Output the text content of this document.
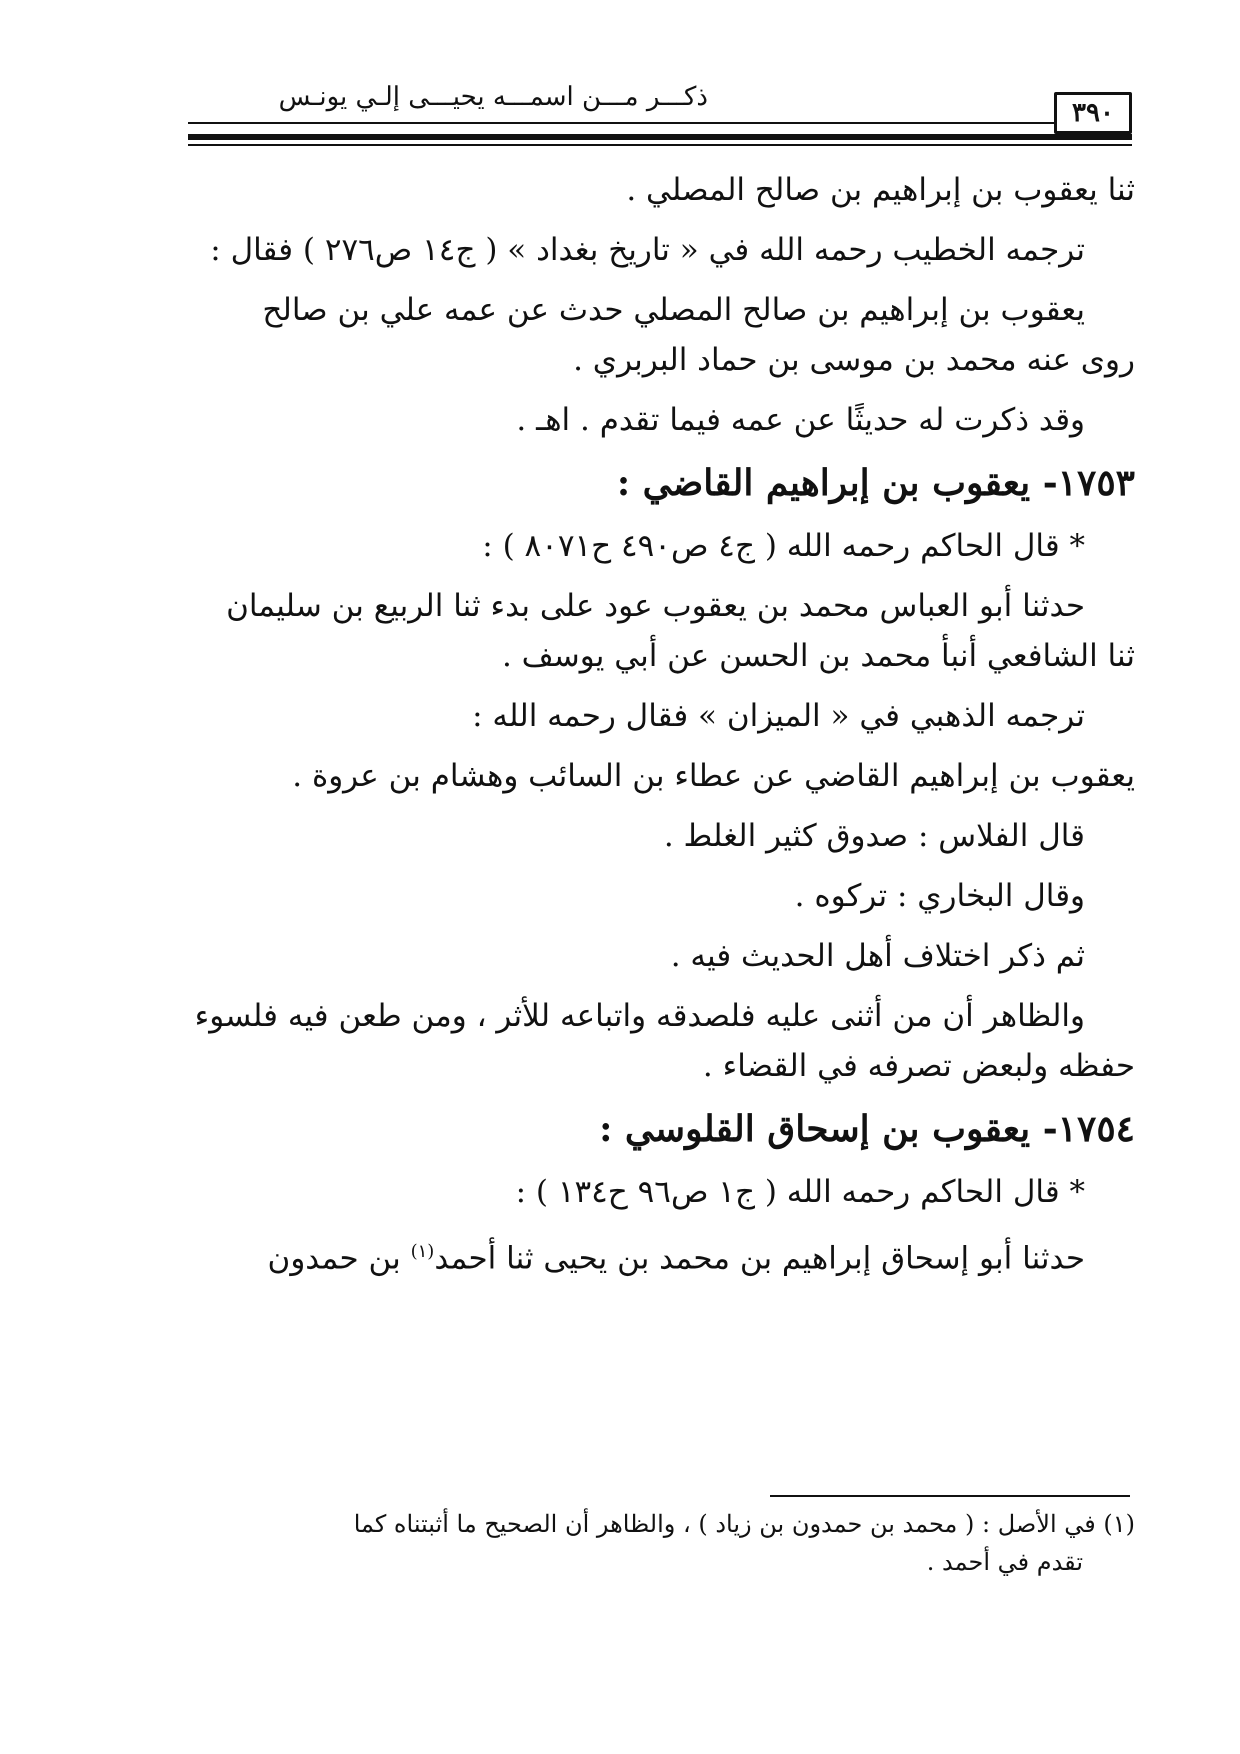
ذكـــر مـــن اسمـــه يحيـــى إلـي يونـس
٣٩٠

ثنا يعقوب بن إبراهيم بن صالح المصلي .

ترجمه الخطيب رحمه الله في « تاريخ بغداد » ( ج١٤ ص٢٧٦ ) فقال :

يعقوب بن إبراهيم بن صالح المصلي حدث عن عمه علي بن صالح

روى عنه محمد بن موسى بن حماد البربري .

وقد ذكرت له حديثًا عن عمه فيما تقدم . اهـ .

١٧٥٣- يعقوب بن إبراهيم القاضي :

* قال الحاكم رحمه الله ( ج٤ ص٤٩٠ ح٨٠٧١ ) :

حدثنا أبو العباس محمد بن يعقوب عود على بدء ثنا الربيع بن سليمان

ثنا الشافعي أنبأ محمد بن الحسن عن أبي يوسف .

ترجمه الذهبي في « الميزان » فقال رحمه الله :

يعقوب بن إبراهيم القاضي عن عطاء بن السائب وهشام بن عروة .

قال الفلاس : صدوق كثير الغلط .

وقال البخاري : تركوه .

ثم ذكر اختلاف أهل الحديث فيه .

والظاهر أن من أثنى عليه فلصدقه واتباعه للأثر ، ومن طعن فيه فلسوء

حفظه ولبعض تصرفه في القضاء .

١٧٥٤- يعقوب بن إسحاق القلوسي :

* قال الحاكم رحمه الله ( ج١ ص٩٦ ح١٣٤ ) :

حدثنا أبو إسحاق إبراهيم بن محمد بن يحيى ثنا أحمد$^{(١)}$ بن حمدون

(١) في الأصل : ( محمد بن حمدون بن زياد ) ، والظاهر أن الصحيح ما أثبتناه كما

تقدم في أحمد .
